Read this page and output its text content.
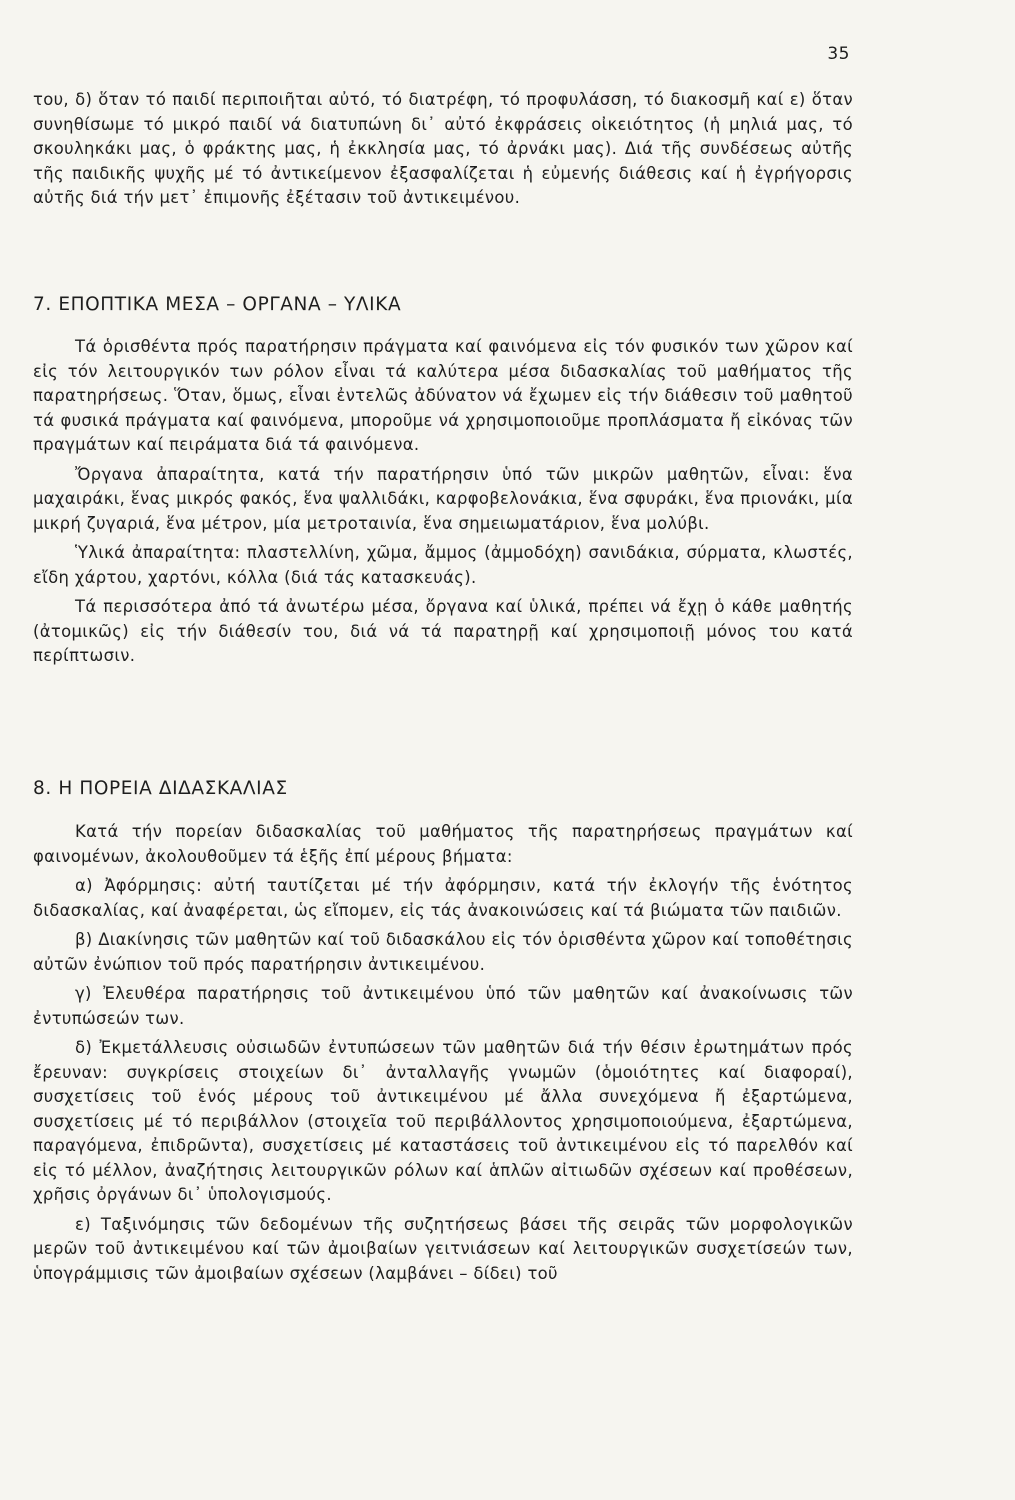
35

του, δ) ὅταν τό παιδί περιποιῆται αὐτό, τό διατρέφη, τό προφυλάσση, τό διακοσμῆ καί ε) ὅταν συνηθίσωμε τό μικρό παιδί νά διατυπώνη δι᾽ αὐτό ἐκφράσεις οἰκειότητος (ἡ μηλιά μας, τό σκουληκάκι μας, ὁ φράκτης μας, ἡ ἐκκλησία μας, τό ἀρνάκι μας). Διά τῆς συνδέσεως αὐτῆς τῆς παιδικῆς ψυχῆς μέ τό ἀντικείμενον ἐξασφαλίζεται ἡ εὐμενής διάθεσις καί ἡ ἐγρήγορσις αὐτῆς διά τήν μετ᾽ ἐπιμονῆς ἐξέτασιν τοῦ ἀντικειμένου.

7. ΕΠΟΠΤΙΚΑ ΜΕΣΑ – ΟΡΓΑΝΑ – ΥΛΙΚΑ

Τά ὁρισθέντα πρός παρατήρησιν πράγματα καί φαινόμενα εἰς τόν φυσικόν των χῶρον καί εἰς τόν λειτουργικόν των ρόλον εἶναι τά καλύτερα μέσα διδασκαλίας τοῦ μαθήματος τῆς παρατηρήσεως. Ὅταν, ὅμως, εἶναι ἐντελῶς ἀδύνατον νά ἔχωμεν εἰς τήν διάθεσιν τοῦ μαθητοῦ τά φυσικά πράγματα καί φαινόμενα, μποροῦμε νά χρησιμοποιοῦμε προπλάσματα ἤ εἰκόνας τῶν πραγμάτων καί πειράματα διά τά φαινόμενα.

Ὄργανα ἀπαραίτητα, κατά τήν παρατήρησιν ὑπό τῶν μικρῶν μαθητῶν, εἶναι: ἕνα μαχαιράκι, ἕνας μικρός φακός, ἕνα ψαλλιδάκι, καρφοβελονάκια, ἕνα σφυράκι, ἕνα πριονάκι, μία μικρή ζυγαριά, ἕνα μέτρον, μία μετροταινία, ἕνα σημειωματάριον, ἕνα μολύβι.

Ὑλικά ἀπαραίτητα: πλαστελλίνη, χῶμα, ἄμμος (ἀμμοδόχη) σανιδάκια, σύρματα, κλωστές, εἴδη χάρτου, χαρτόνι, κόλλα (διά τάς κατασκευάς).

Τά περισσότερα ἀπό τά ἀνωτέρω μέσα, ὄργανα καί ὑλικά, πρέπει νά ἔχῃ ὁ κάθε μαθητής (ἀτομικῶς) εἰς τήν διάθεσίν του, διά νά τά παρατηρῇ καί χρησιμοποιῇ μόνος του κατά περίπτωσιν.

8. Η ΠΟΡΕΙΑ ΔΙΔΑΣΚΑΛΙΑΣ

Κατά τήν πορείαν διδασκαλίας τοῦ μαθήματος τῆς παρατηρήσεως πραγμάτων καί φαινομένων, ἀκολουθοῦμεν τά ἑξῆς ἐπί μέρους βήματα:

α) Ἀφόρμησις: αὐτή ταυτίζεται μέ τήν ἀφόρμησιν, κατά τήν ἐκλογήν τῆς ἑνότητος διδασκαλίας, καί ἀναφέρεται, ὡς εἴπομεν, εἰς τάς ἀνακοινώσεις καί τά βιώματα τῶν παιδιῶν.

β) Διακίνησις τῶν μαθητῶν καί τοῦ διδασκάλου εἰς τόν ὁρισθέντα χῶρον καί τοποθέτησις αὐτῶν ἐνώπιον τοῦ πρός παρατήρησιν ἀντικειμένου.

γ) Ἐλευθέρα παρατήρησις τοῦ ἀντικειμένου ὑπό τῶν μαθητῶν καί ἀνακοίνωσις τῶν ἐντυπώσεών των.

δ) Ἐκμετάλλευσις οὐσιωδῶν ἐντυπώσεων τῶν μαθητῶν διά τήν θέσιν ἐρωτημάτων πρός ἔρευναν: συγκρίσεις στοιχείων δι᾽ ἀνταλλαγῆς γνωμῶν (ὁμοιότητες καί διαφοραί), συσχετίσεις τοῦ ἑνός μέρους τοῦ ἀντικειμένου μέ ἄλλα συνεχόμενα ἤ ἐξαρτώμενα, συσχετίσεις μέ τό περιβάλλον (στοιχεῖα τοῦ περιβάλλοντος χρησιμοποιούμενα, ἐξαρτώμενα, παραγόμενα, ἐπιδρῶντα), συσχετίσεις μέ καταστάσεις τοῦ ἀντικειμένου εἰς τό παρελθόν καί εἰς τό μέλλον, ἀναζήτησις λειτουργικῶν ρόλων καί ἁπλῶν αἰτιωδῶν σχέσεων καί προθέσεων, χρῆσις ὀργάνων δι᾽ ὑπολογισμούς.

ε) Ταξινόμησις τῶν δεδομένων τῆς συζητήσεως βάσει τῆς σειρᾶς τῶν μορφολογικῶν μερῶν τοῦ ἀντικειμένου καί τῶν ἀμοιβαίων γειτνιάσεων καί λειτουργικῶν συσχετίσεών των, ὑπογράμμισις τῶν ἀμοιβαίων σχέσεων (λαμβάνει – δίδει) τοῦ
